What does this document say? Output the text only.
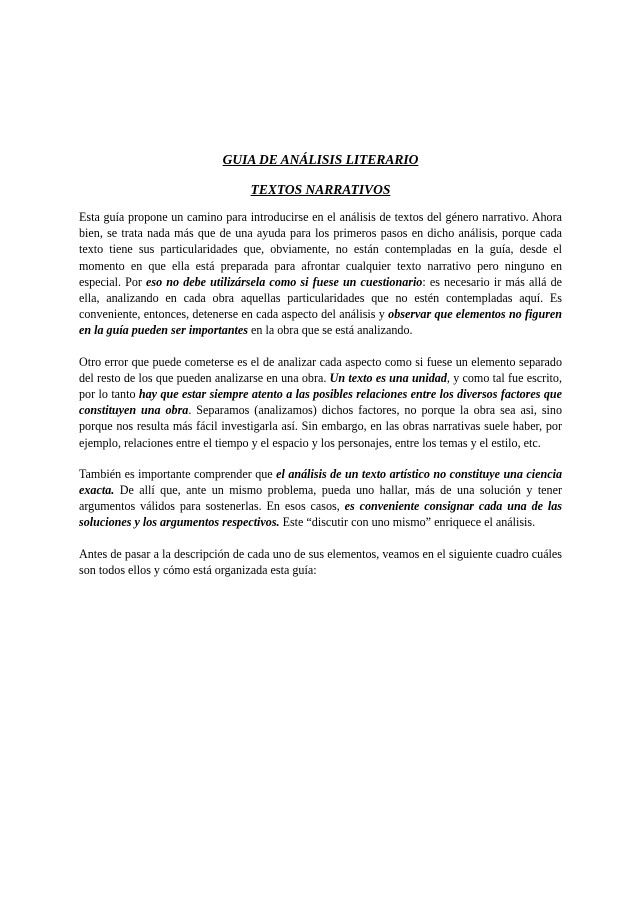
GUIA DE ANÁLISIS LITERARIO
TEXTOS NARRATIVOS

Esta guía propone un camino para introducirse en el análisis de textos del género narrativo. Ahora bien, se trata nada más que de una ayuda para los primeros pasos en dicho análisis, porque cada texto tiene sus particularidades que, obviamente, no están contempladas en la guía, desde el momento en que ella está preparada para afrontar cualquier texto narrativo pero ninguno en especial. Por eso no debe utilizársela como si fuese un cuestionario: es necesario ir más allá de ella, analizando en cada obra aquellas particularidades que no estén contempladas aquí. Es conveniente, entonces, detenerse en cada aspecto del análisis y observar que elementos no figuren en la guía pueden ser importantes en la obra que se está analizando.

Otro error que puede cometerse es el de analizar cada aspecto como si fuese un elemento separado del resto de los que pueden analizarse en una obra. Un texto es una unidad, y como tal fue escrito, por lo tanto hay que estar siempre atento a las posibles relaciones entre los diversos factores que constituyen una obra. Separamos (analizamos) dichos factores, no porque la obra sea asi, sino porque nos resulta más fácil investigarla así. Sin embargo, en las obras narrativas suele haber, por ejemplo, relaciones entre el tiempo y el espacio y los personajes, entre los temas y el estilo, etc.

También es importante comprender que el análisis de un texto artístico no constituye una ciencia exacta. De allí que, ante un mismo problema, pueda uno hallar, más de una solución y tener argumentos válidos para sostenerlas. En esos casos, es conveniente consignar cada una de las soluciones y los argumentos respectivos. Este “discutir con uno mismo” enriquece el análisis.

Antes de pasar a la descripción de cada uno de sus elementos, veamos en el siguiente cuadro cuáles son todos ellos y cómo está organizada esta guía:
